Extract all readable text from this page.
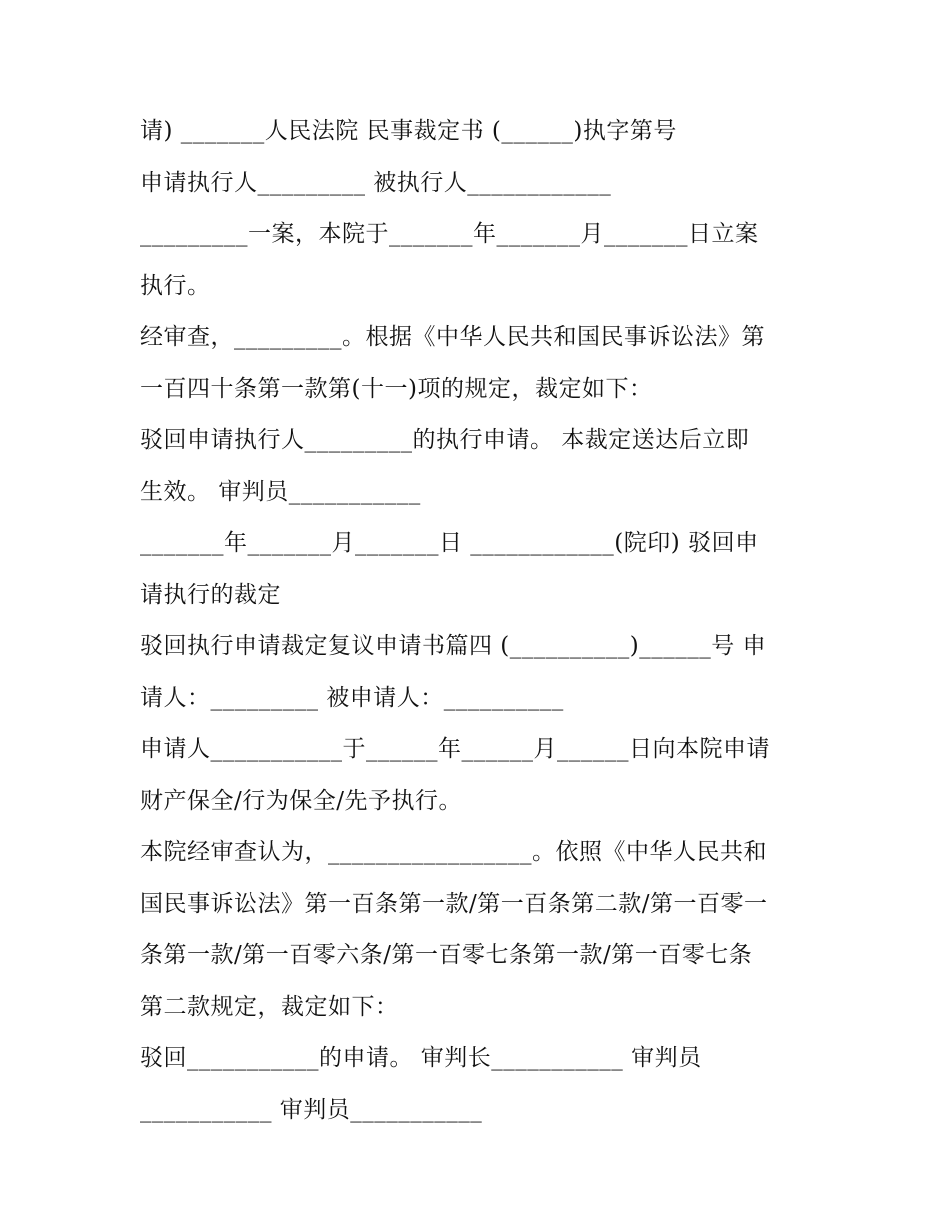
请) _______人民法院 民事裁定书 (______)执字第号
申请执行人_________ 被执行人____________
_________一案，本院于_______年_______月_______日立案
执行。
经审查，_________。根据《中华人民共和国民事诉讼法》第
一百四十条第一款第(十一)项的规定，裁定如下：
驳回申请执行人_________的执行申请。 本裁定送达后立即
生效。 审判员___________
_______年_______月_______日 ____________(院印) 驳回申
请执行的裁定
驳回执行申请裁定复议申请书篇四 (__________)______号 申
请人：_________ 被申请人：__________
申请人___________于______年______月______日向本院申请
财产保全/行为保全/先予执行。
本院经审查认为，_________________。依照《中华人民共和
国民事诉讼法》第一百条第一款/第一百条第二款/第一百零一
条第一款/第一百零六条/第一百零七条第一款/第一百零七条
第二款规定，裁定如下：
驳回___________的申请。 审判长___________ 审判员
___________ 审判员___________
